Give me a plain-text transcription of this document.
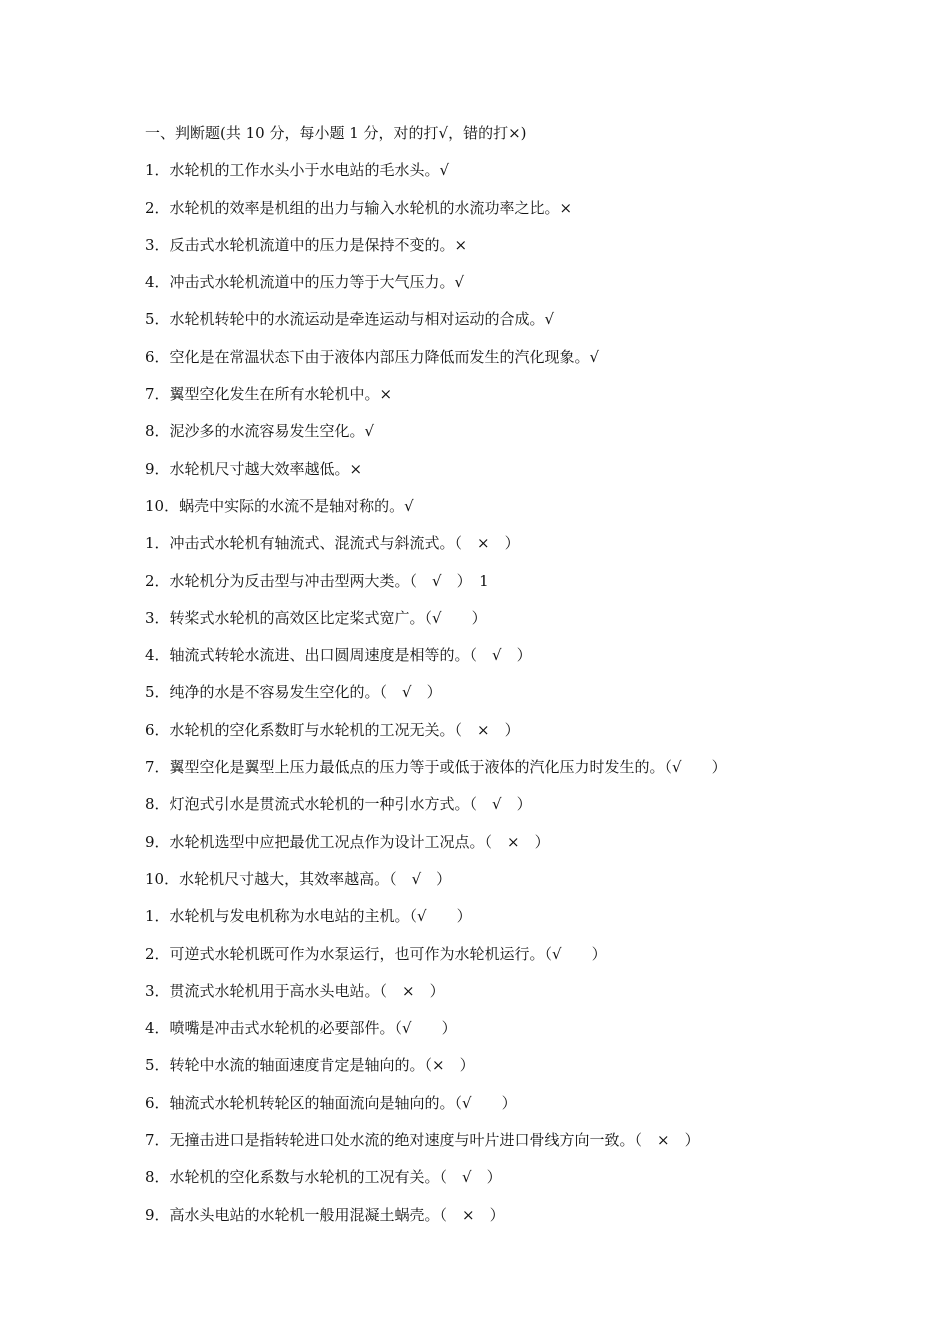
一、判断题(共 10 分，每小题 1 分，对的打√，错的打×)
1．水轮机的工作水头小于水电站的毛水头。√
2．水轮机的效率是机组的出力与输入水轮机的水流功率之比。×
3．反击式水轮机流道中的压力是保持不变的。×
4．冲击式水轮机流道中的压力等于大气压力。√
5．水轮机转轮中的水流运动是牵连运动与相对运动的合成。√
6．空化是在常温状态下由于液体内部压力降低而发生的汽化现象。√
7．翼型空化发生在所有水轮机中。×
8．泥沙多的水流容易发生空化。√
9．水轮机尺寸越大效率越低。×
10．蜗壳中实际的水流不是轴对称的。√
1．冲击式水轮机有轴流式、混流式与斜流式。（　×　）
2．水轮机分为反击型与冲击型两大类。（　√　）　1
3．转桨式水轮机的高效区比定桨式宽广。（√　　）
4．轴流式转轮水流进、出口圆周速度是相等的。（　√　）
5．纯净的水是不容易发生空化的。（　√　）
6．水轮机的空化系数盯与水轮机的工况无关。（　×　）
7．翼型空化是翼型上压力最低点的压力等于或低于液体的汽化压力时发生的。（√　　）
8．灯泡式引水是贯流式水轮机的一种引水方式。（　√　）
9．水轮机选型中应把最优工况点作为设计工况点。（　×　）
10．水轮机尺寸越大，其效率越高。（　√　）
1．水轮机与发电机称为水电站的主机。（√　　）
2．可逆式水轮机既可作为水泵运行，也可作为水轮机运行。（√　　）
3．贯流式水轮机用于高水头电站。（　×　）
4．喷嘴是冲击式水轮机的必要部件。（√　　）
5．转轮中水流的轴面速度肯定是轴向的。（×　）
6．轴流式水轮机转轮区的轴面流向是轴向的。（√　　）
7．无撞击进口是指转轮进口处水流的绝对速度与叶片进口骨线方向一致。（　×　）
8．水轮机的空化系数与水轮机的工况有关。（　√　）
9．高水头电站的水轮机一般用混凝土蜗壳。（　×　）
